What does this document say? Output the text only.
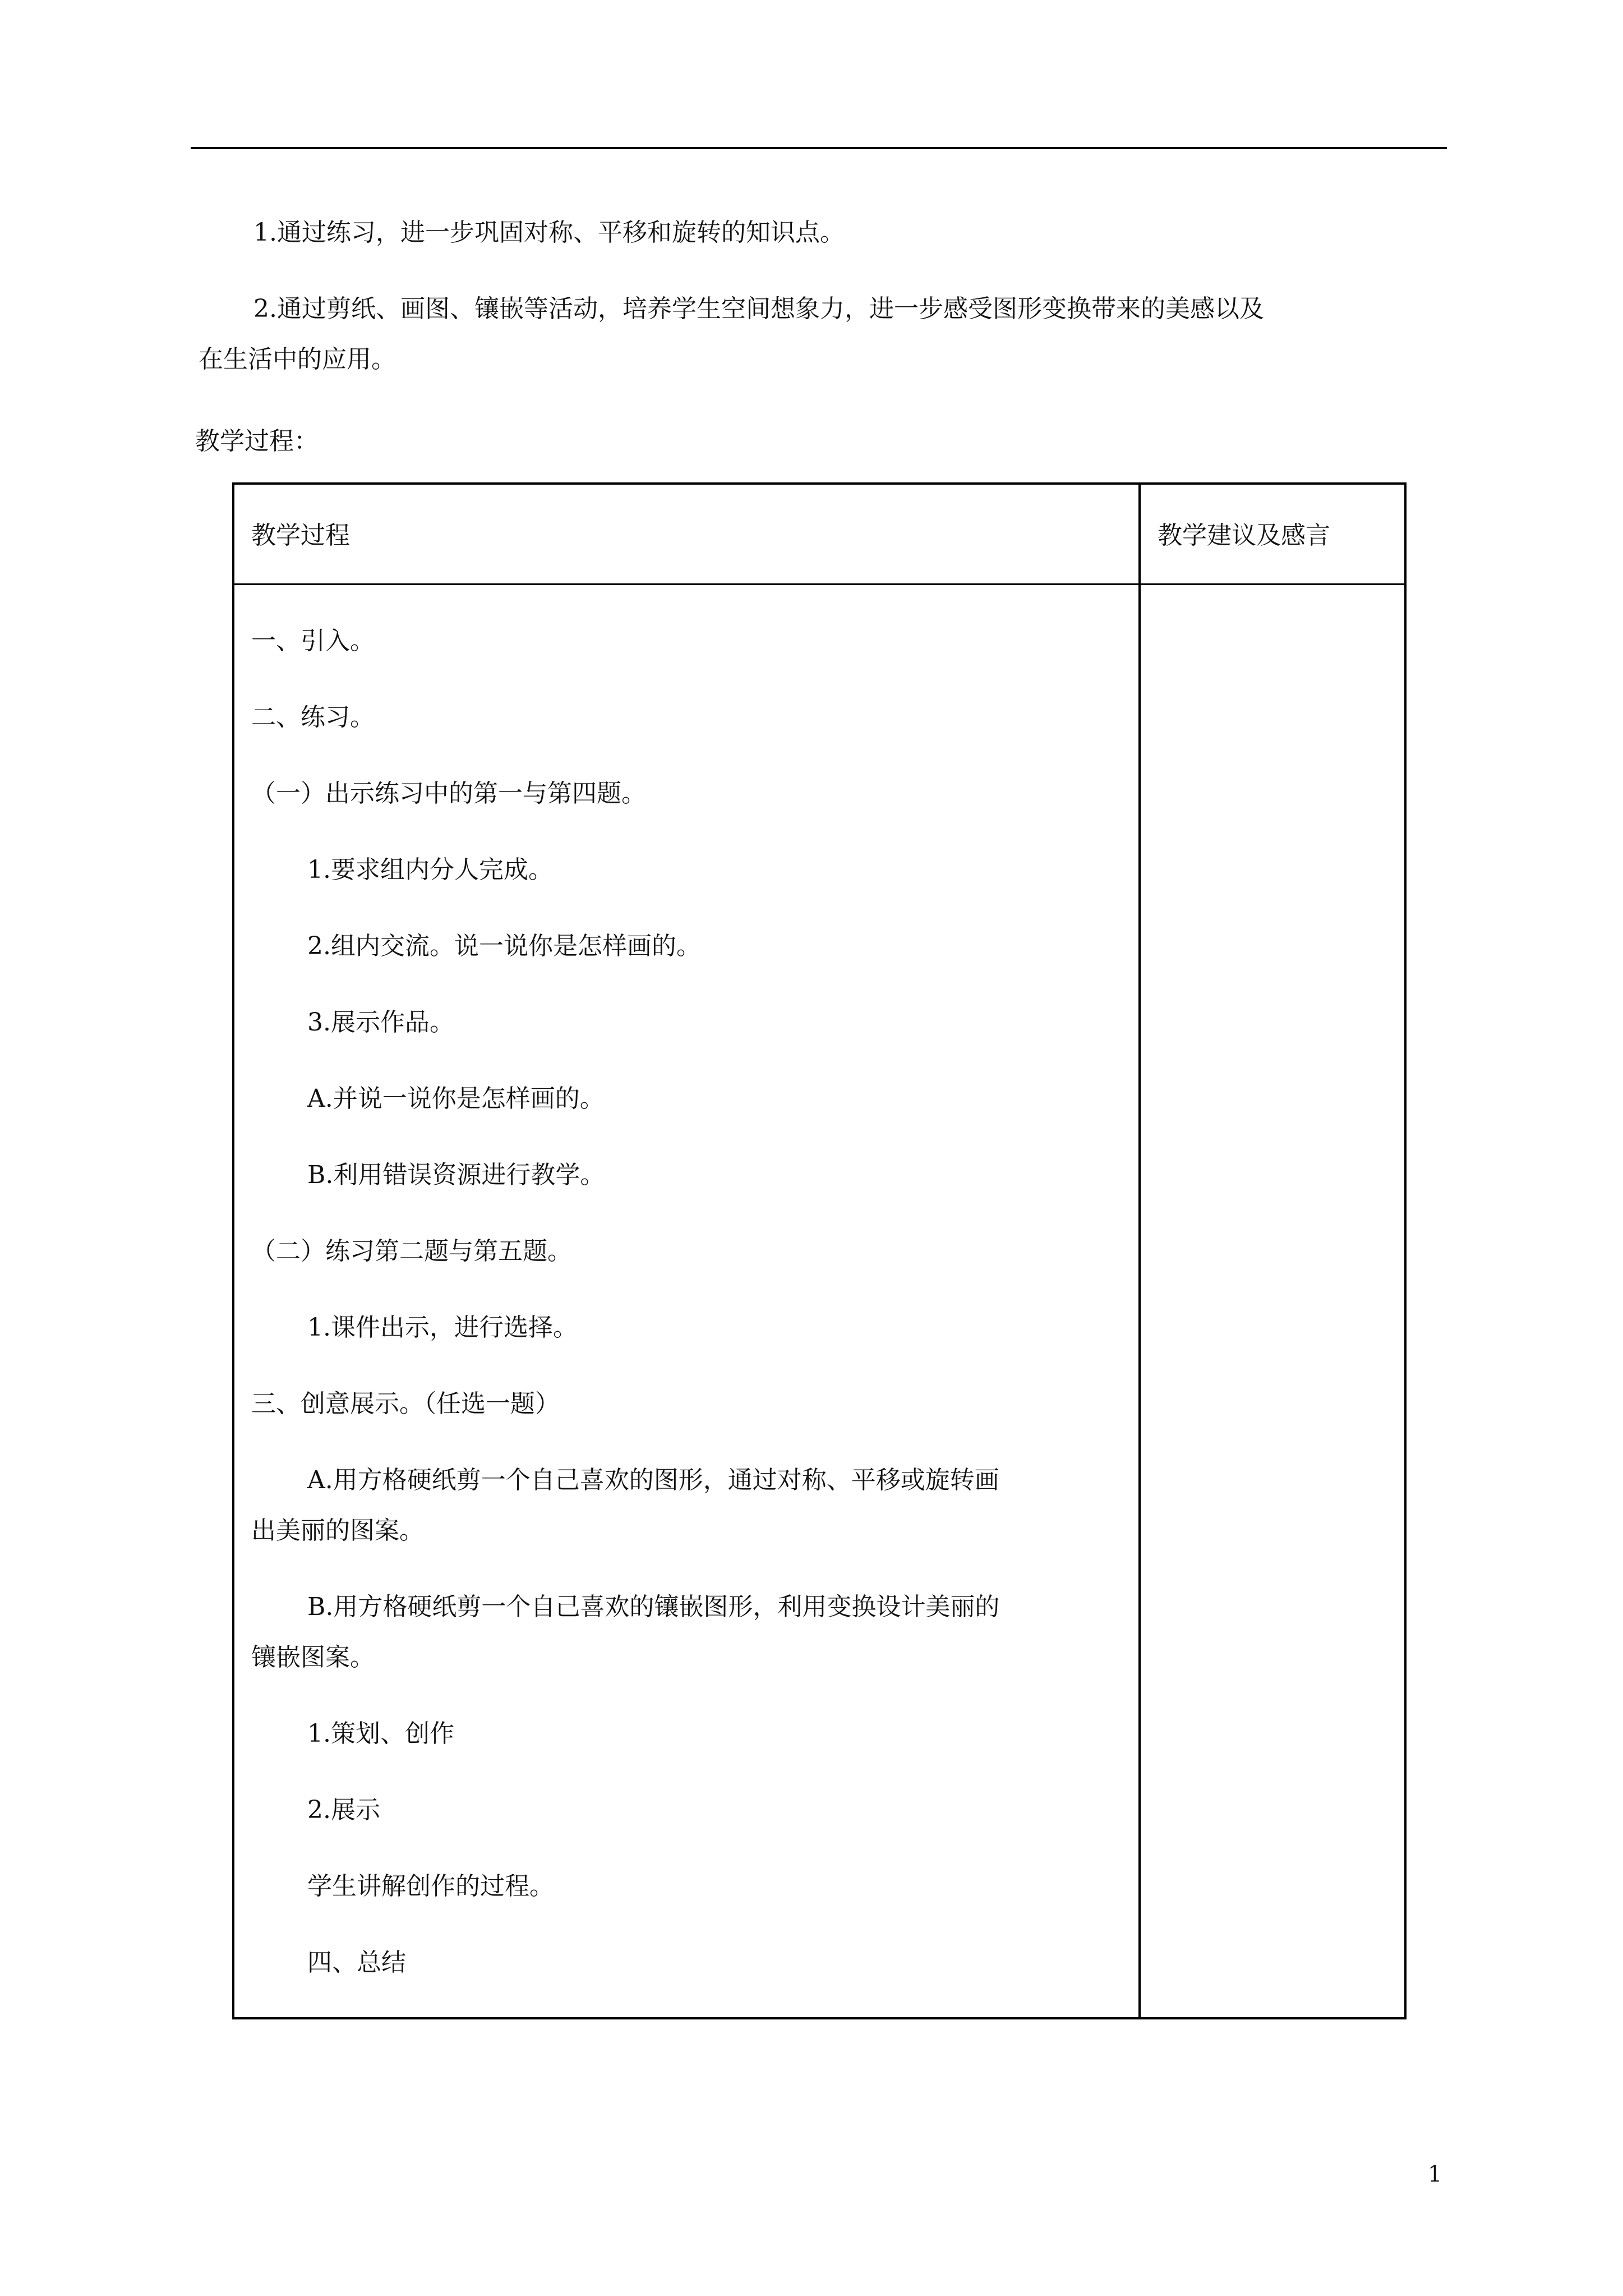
1.通过练习，进一步巩固对称、平移和旋转的知识点。

2.通过剪纸、画图、镶嵌等活动，培养学生空间想象力，进一步感受图形变换带来的美感以及
在生活中的应用。

教学过程：

教学过程	教学建议及感言

一、引入。
二、练习。
（一）出示练习中的第一与第四题。
1.要求组内分人完成。
2.组内交流。说一说你是怎样画的。
3.展示作品。
A.并说一说你是怎样画的。
B.利用错误资源进行教学。
（二）练习第二题与第五题。
1.课件出示，进行选择。
三、创意展示。（任选一题）
A.用方格硬纸剪一个自己喜欢的图形，通过对称、平移或旋转画
出美丽的图案。
B.用方格硬纸剪一个自己喜欢的镶嵌图形，利用变换设计美丽的
镶嵌图案。
1.策划、创作
2.展示
学生讲解创作的过程。
四、总结
1
